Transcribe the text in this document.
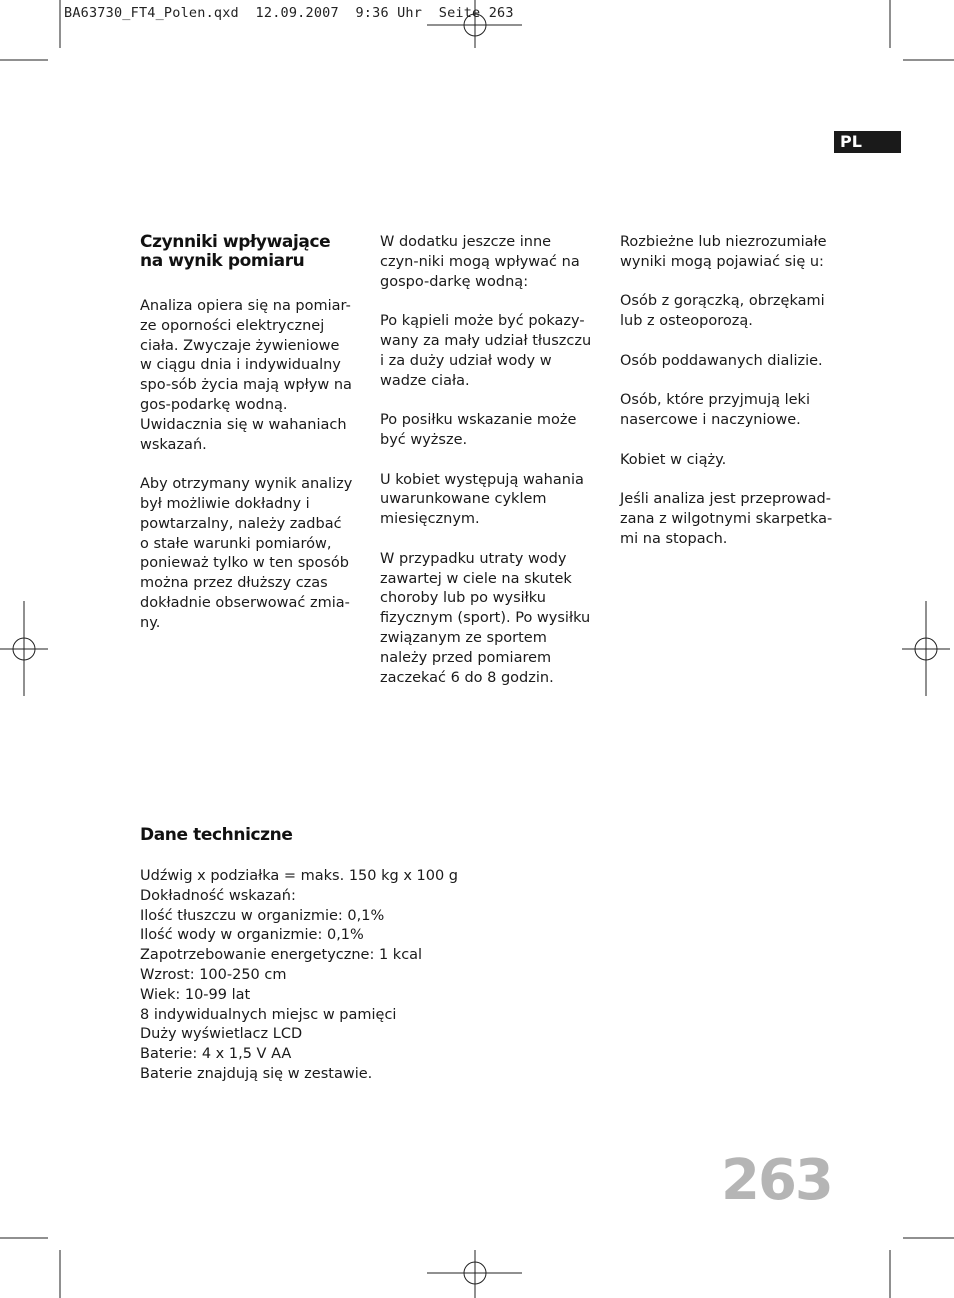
BA63730_FT4_Polen.qxd  12.09.2007  9:36 Uhr  Seite 263
PL
Czynniki wpływające na wynik pomiaru

Analiza opiera się na pomiar-ze oporności elektrycznej ciała. Zwyczaje żywieniowe w ciągu dnia i indywidualny spo-sób życia mają wpływ na gos-podarkę wodną. Uwidacznia się w wahaniach wskazań.

Aby otrzymany wynik analizy był możliwie dokładny i powtarzalny, należy zadbać o stałe warunki pomiarów, ponieważ tylko w ten sposób można przez dłuższy czas dokładnie obserwować zmia-ny.

W dodatku jeszcze inne czyn-niki mogą wpływać na gospo-darkę wodną:

Po kąpieli może być pokazy-wany za mały udział tłuszczu i za duży udział wody w wadze ciała.

Po posiłku wskazanie może być wyższe.

U kobiet występują wahania uwarunkowane cyklem miesięcznym.

W przypadku utraty wody zawartej w ciele na skutek choroby lub po wysiłku fizycznym (sport). Po wysiłku związanym ze sportem należy przed pomiarem zaczekać 6 do 8 godzin.

Rozbieżne lub niezrozumiałe wyniki mogą pojawiać się u:

Osób z gorączką, obrzękami lub z osteoporozą.

Osób poddawanych dializie.

Osób, które przyjmują leki nasercowe i naczyniowe.

Kobiet w ciąży.

Jeśli analiza jest przeprowad-zana z wilgotnymi skarpetka-mi na stopach.

Dane techniczne
Udźwig x podziałka = maks. 150 kg x 100 g
Dokładność wskazań:
Ilość tłuszczu w organizmie: 0,1%
Ilość wody w organizmie: 0,1%
Zapotrzebowanie energetyczne: 1 kcal
Wzrost: 100-250 cm
Wiek: 10-99 lat
8 indywidualnych miejsc w pamięci
Duży wyświetlacz LCD
Baterie: 4 x 1,5 V AA
Baterie znajdują się w zestawie.
263
